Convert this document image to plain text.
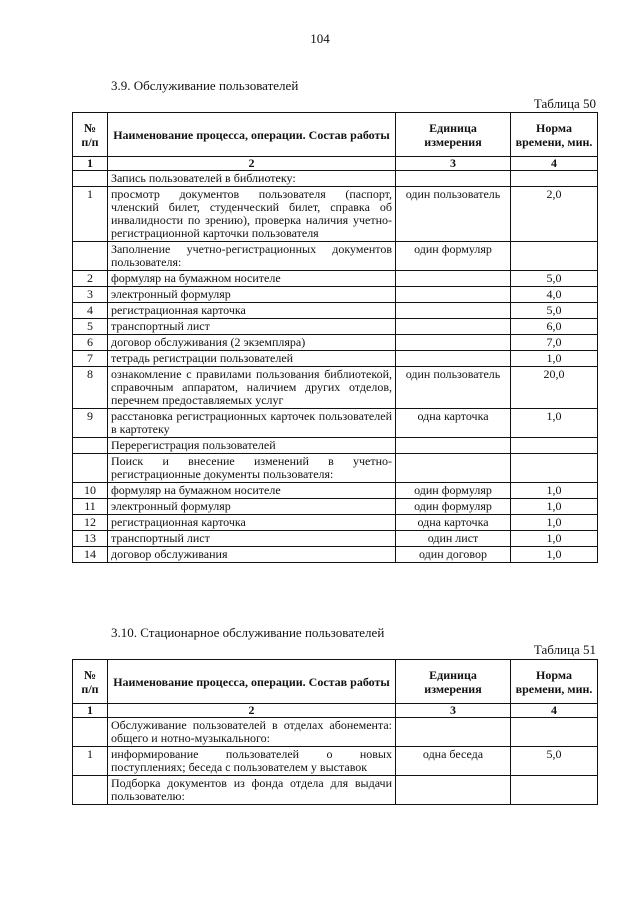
104
3.9. Обслуживание пользователей
Таблица 50
№
п/п	Наименование процесса, операции. Состав работы	Единица измерения	Норма времени, мин.
1	2	3	4
	Запись пользователей в библиотеку:		
1	просмотр документов пользователя (паспорт, членский билет, студенческий билет, справка об инвалидности по зрению), проверка наличия учетно-регистрационной карточки пользователя	один пользователь	2,0
	Заполнение учетно-регистрационных документов пользователя:	один формуляр	
2	формуляр на бумажном носителе		5,0
3	электронный формуляр		4,0
4	регистрационная карточка		5,0
5	транспортный лист		6,0
6	договор обслуживания (2 экземпляра)		7,0
7	тетрадь регистрации пользователей		1,0
8	ознакомление с правилами пользования библиотекой, справочным аппаратом, наличием других отделов, перечнем предоставляемых услуг	один пользователь	20,0
9	расстановка регистрационных карточек пользователей в картотеку	одна карточка	1,0
	Перерегистрация пользователей		
	Поиск и внесение изменений в учетно-регистрационные документы пользователя:		
10	формуляр на бумажном носителе	один формуляр	1,0
11	электронный формуляр	один формуляр	1,0
12	регистрационная карточка	одна карточка	1,0
13	транспортный лист	один лист	1,0
14	договор обслуживания	один договор	1,0
3.10. Стационарное обслуживание пользователей
Таблица 51
№
п/п	Наименование процесса, операции. Состав работы	Единица измерения	Норма времени, мин.
1	2	3	4
	Обслуживание пользователей в отделах абонемента: общего и нотно-музыкального:		
1	информирование пользователей о новых поступлениях; беседа с пользователем у выставок	одна беседа	5,0
	Подборка документов из фонда отдела для выдачи пользователю:		
